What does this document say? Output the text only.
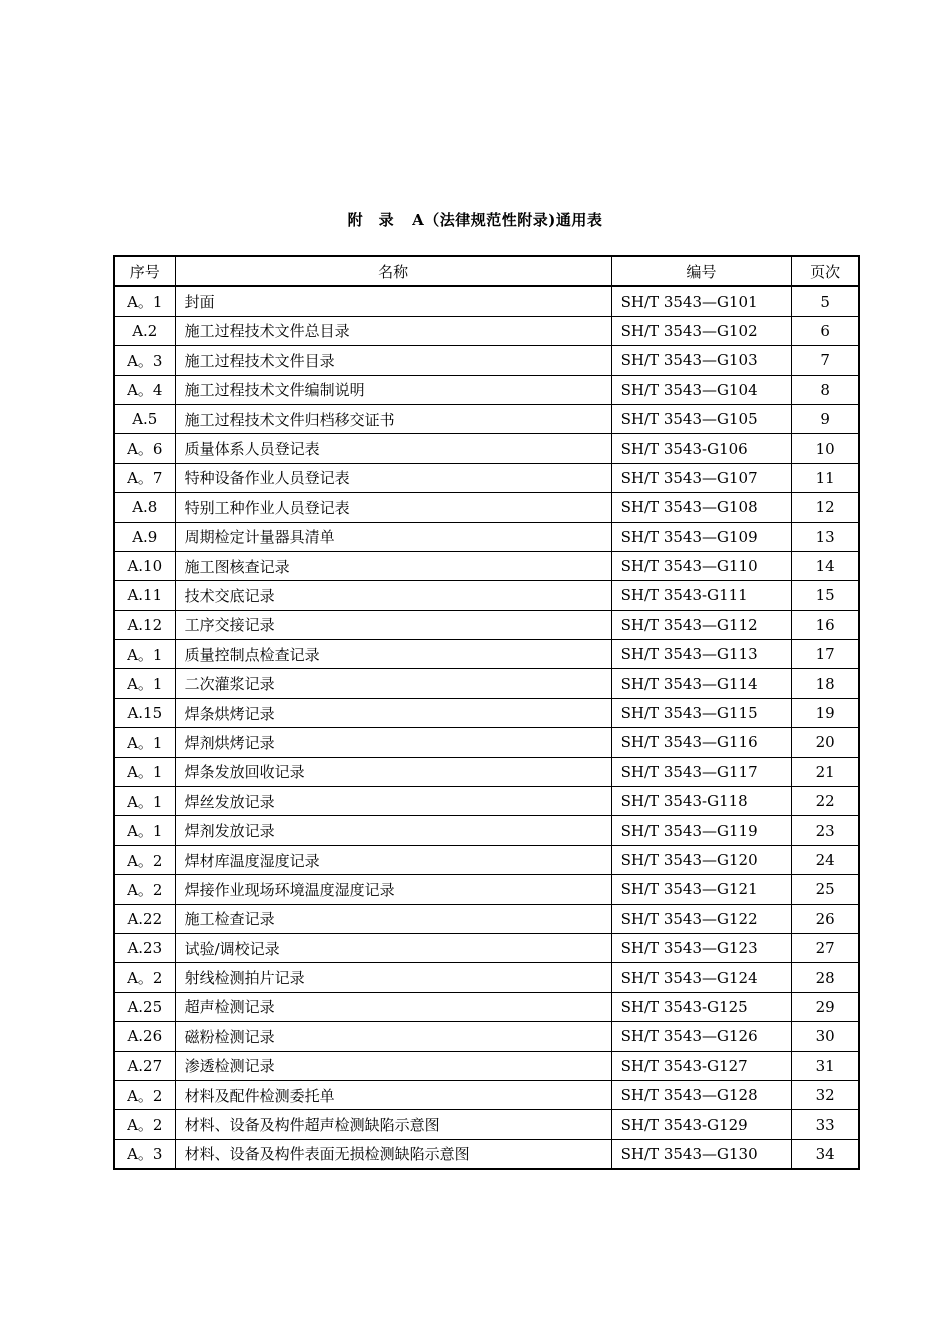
附　录 A（法律规范性附录)通用表
序号	名称	编号	页次
A。1	封面	SH/T 3543—G101	5
A.2	施工过程技术文件总目录	SH/T 3543—G102	6
A。3	施工过程技术文件目录	SH/T 3543—G103	7
A。4	施工过程技术文件编制说明	SH/T 3543—G104	8
A.5	施工过程技术文件归档移交证书	SH/T 3543—G105	9
A。6	质量体系人员登记表	SH/T 3543-G106	10
A。7	特种设备作业人员登记表	SH/T 3543—G107	11
A.8	特别工种作业人员登记表	SH/T 3543—G108	12
A.9	周期检定计量器具清单	SH/T 3543—G109	13
A.10	施工图核查记录	SH/T 3543—G110	14
A.11	技术交底记录	SH/T 3543-G111	15
A.12	工序交接记录	SH/T 3543—G112	16
A。1	质量控制点检查记录	SH/T 3543—G113	17
A。1	二次灌浆记录	SH/T 3543—G114	18
A.15	焊条烘烤记录	SH/T 3543—G115	19
A。1	焊剂烘烤记录	SH/T 3543—G116	20
A。1	焊条发放回收记录	SH/T 3543—G117	21
A。1	焊丝发放记录	SH/T 3543-G118	22
A。1	焊剂发放记录	SH/T 3543—G119	23
A。2	焊材库温度湿度记录	SH/T 3543—G120	24
A。2	焊接作业现场环境温度湿度记录	SH/T 3543—G121	25
A.22	施工检查记录	SH/T 3543—G122	26
A.23	试验/调校记录	SH/T 3543—G123	27
A。2	射线检测拍片记录	SH/T 3543—G124	28
A.25	超声检测记录	SH/T 3543-G125	29
A.26	磁粉检测记录	SH/T 3543—G126	30
A.27	渗透检测记录	SH/T 3543-G127	31
A。2	材料及配件检测委托单	SH/T 3543—G128	32
A。2	材料、设备及构件超声检测缺陷示意图	SH/T 3543-G129	33
A。3	材料、设备及构件表面无损检测缺陷示意图	SH/T 3543—G130	34
